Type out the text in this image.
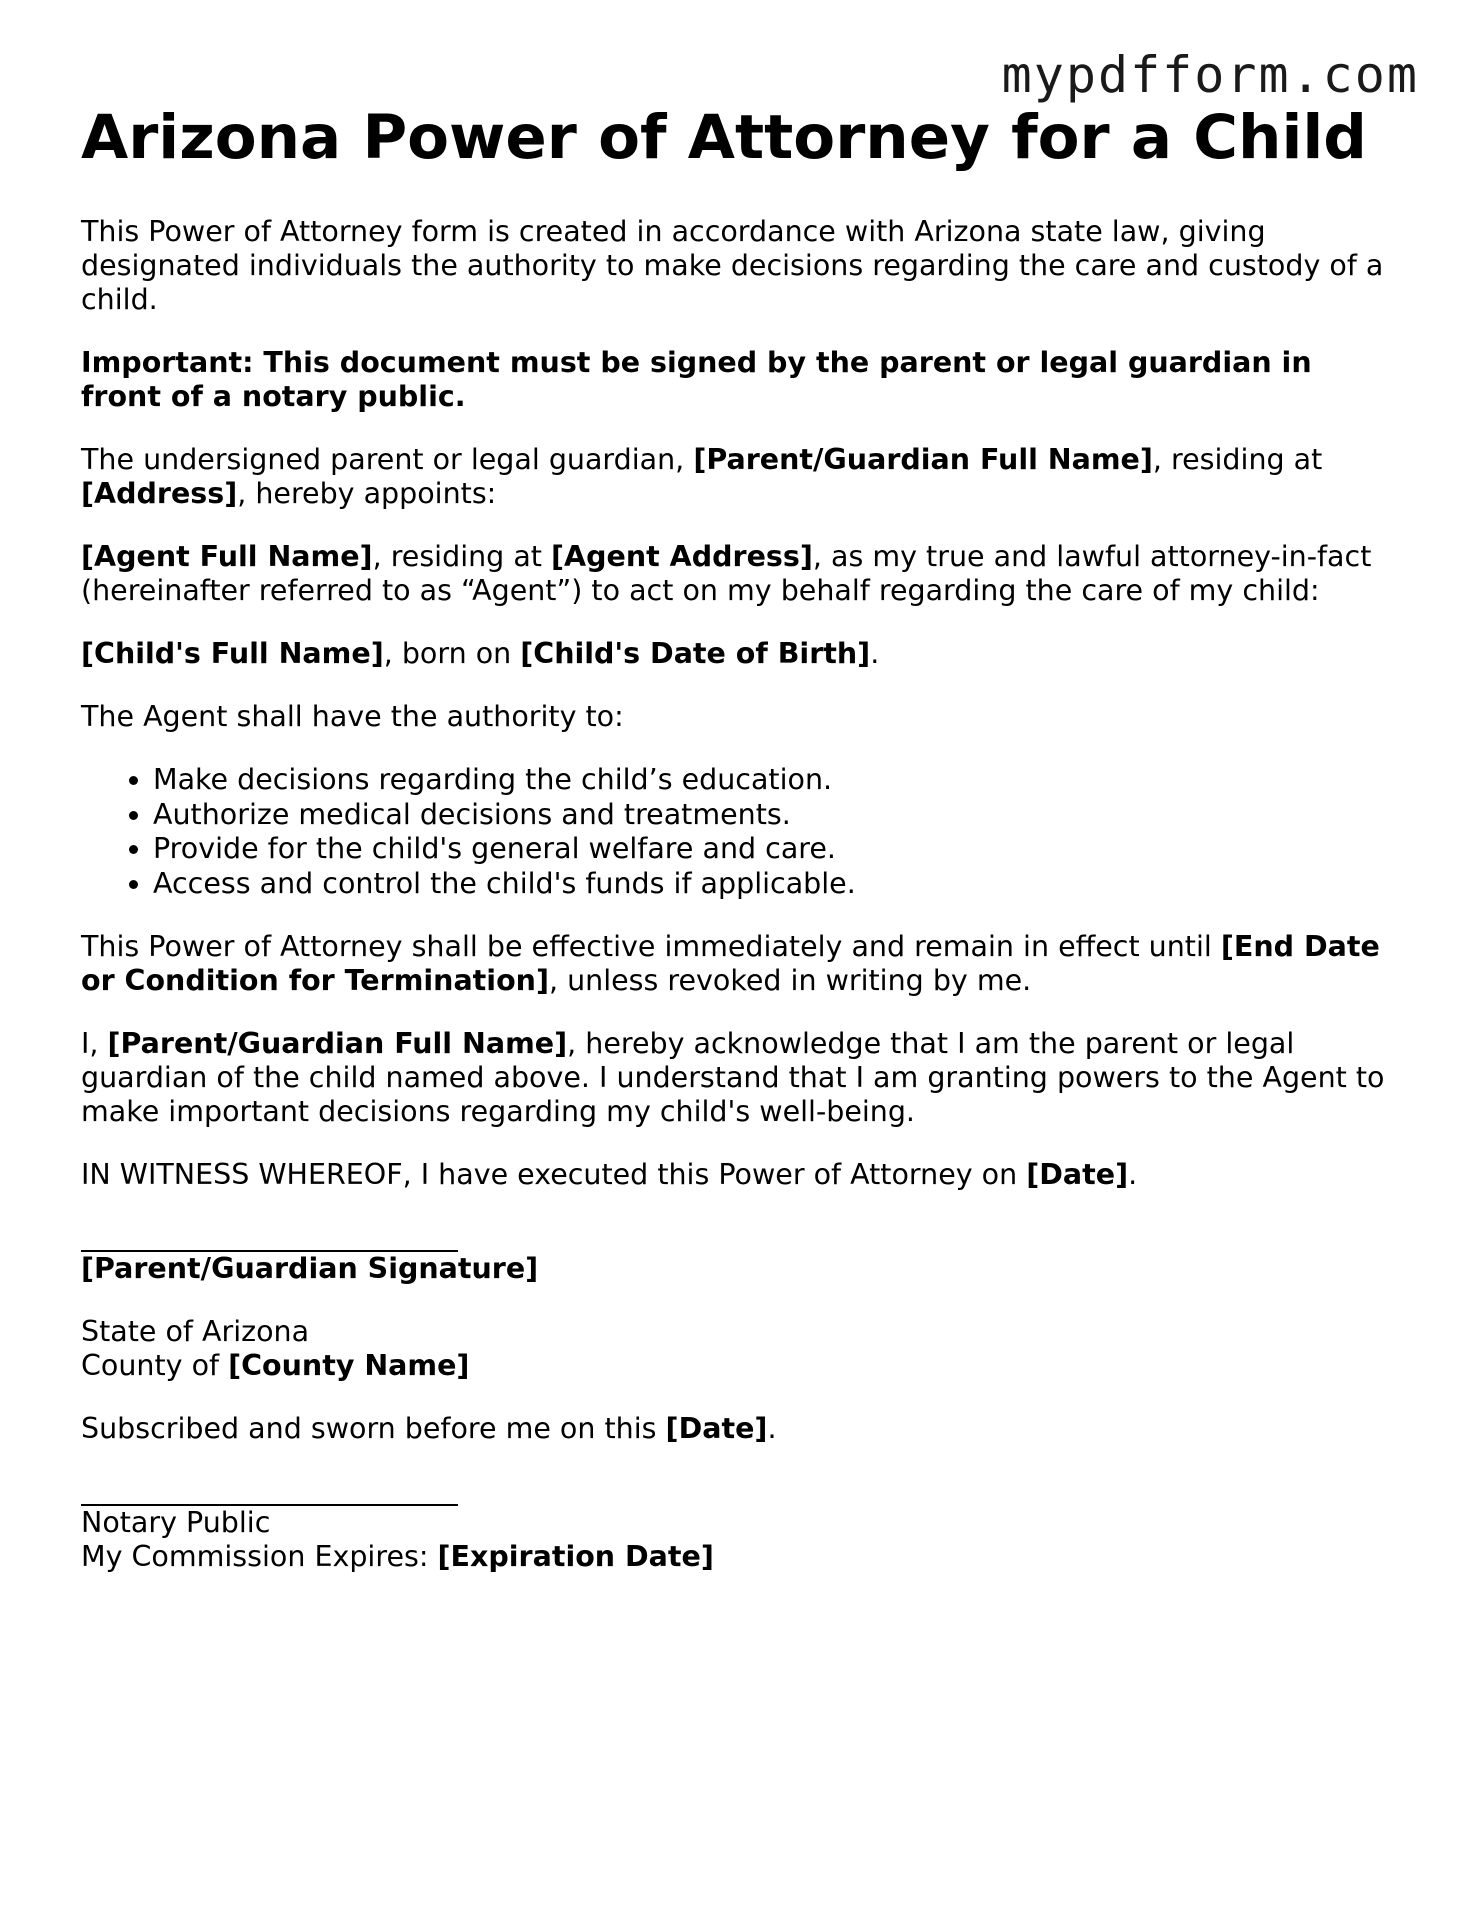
mypdfform.com
Arizona Power of Attorney for a Child

This Power of Attorney form is created in accordance with Arizona state law, giving designated individuals the authority to make decisions regarding the care and custody of a child.

Important: This document must be signed by the parent or legal guardian in front of a notary public.

The undersigned parent or legal guardian, [Parent/Guardian Full Name], residing at [Address], hereby appoints:

[Agent Full Name], residing at [Agent Address], as my true and lawful attorney-in-fact (hereinafter referred to as “Agent”) to act on my behalf regarding the care of my child:

[Child's Full Name], born on [Child's Date of Birth].

The Agent shall have the authority to:

• Make decisions regarding the child’s education.
• Authorize medical decisions and treatments.
• Provide for the child's general welfare and care.
• Access and control the child's funds if applicable.

This Power of Attorney shall be effective immediately and remain in effect until [End Date or Condition for Termination], unless revoked in writing by me.

I, [Parent/Guardian Full Name], hereby acknowledge that I am the parent or legal guardian of the child named above. I understand that I am granting powers to the Agent to make important decisions regarding my child's well-being.

IN WITNESS WHEREOF, I have executed this Power of Attorney on [Date].

[Parent/Guardian Signature]
State of Arizona
County of [County Name]

Subscribed and sworn before me on this [Date].

Notary Public
My Commission Expires: [Expiration Date]
